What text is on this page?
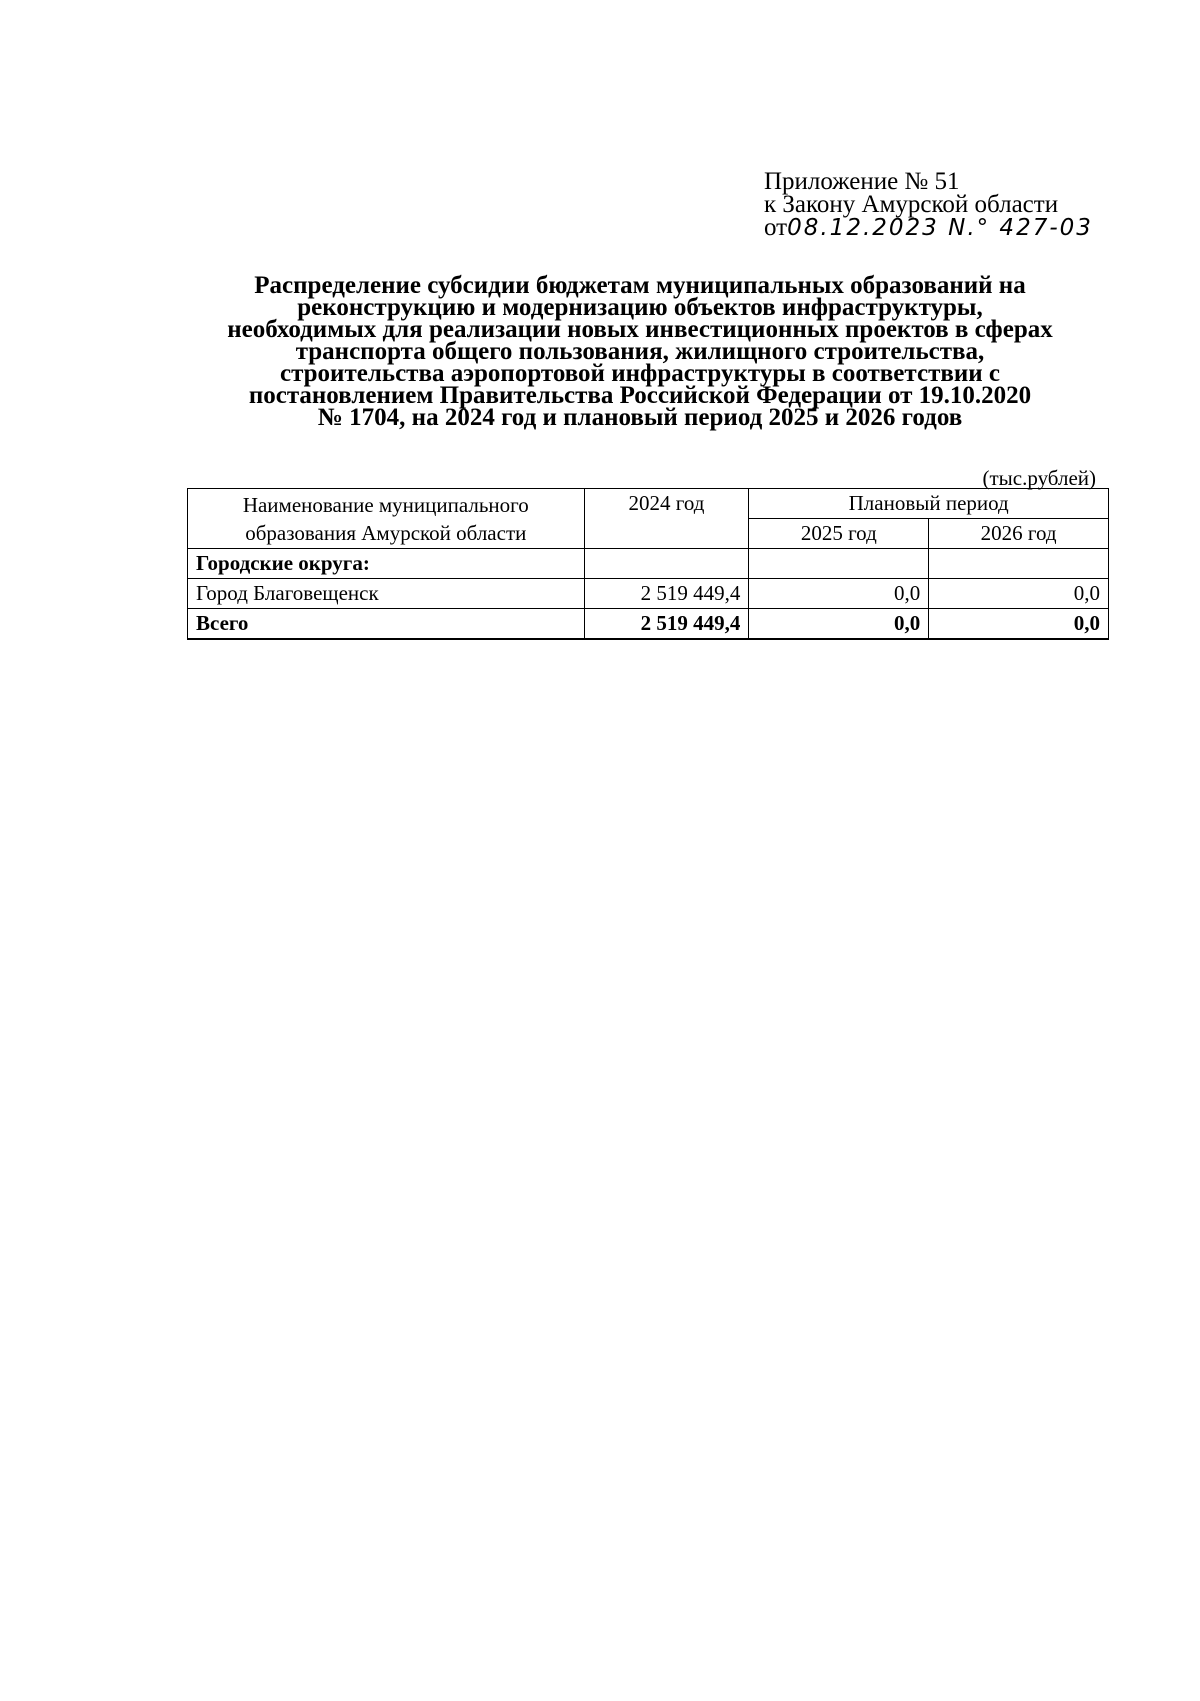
Приложение № 51
к Закону Амурской области
от08.12.2023 N.° 427-03
Распределение субсидии бюджетам муниципальных образований на
реконструкцию и модернизацию объектов инфраструктуры,
необходимых для реализации новых инвестиционных проектов в сферах
транспорта общего пользования, жилищного строительства,
строительства аэропортовой инфраструктуры в соответствии с
постановлением Правительства Российской Федерации от 19.10.2020
№ 1704, на 2024 год и плановый период 2025 и 2026 годов
(тыс.рублей)
Наименование муниципального
образования Амурской области	2024 год	Плановый период	
		2025 год	2026 год
Городские округа:			
Город Благовещенск	2 519 449,4	0,0	0,0
Всего	2 519 449,4	0,0	0,0
